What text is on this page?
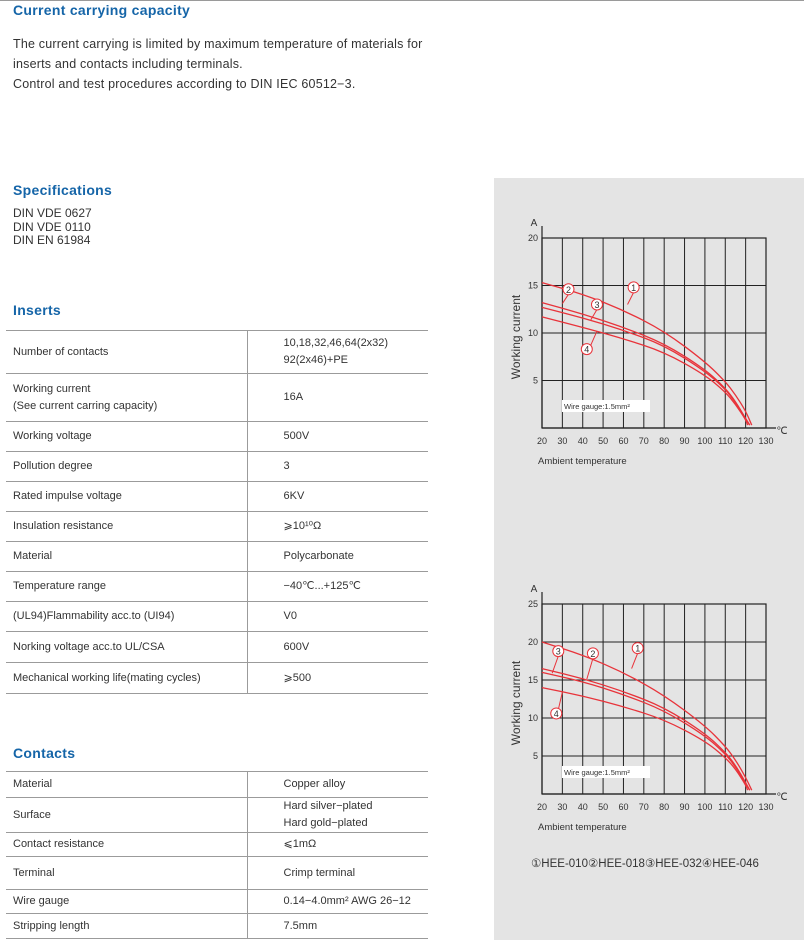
Current carrying capacity
The current carrying is limited by maximum temperature of materials for
inserts and contacts including terminals.
Control and test procedures according to DIN IEC 60512−3.
Specifications
DIN VDE 0627
DIN VDE 0110
DIN EN 61984
Inserts
Number of contacts	10,18,32,46,64(2x32)
92(2x46)+PE

Working current
(See current carring capacity)	16A

Working voltage	500V

Pollution degree	3

Rated impulse voltage	6KV

Insulation resistance	⩾10¹⁰Ω

Material	Polycarbonate

Temperature range	−40℃...+125℃

(UL94)Flammability acc.to (UI94)	V0

Norking voltage acc.to UL/CSA	600V

Mechanical working life(mating cycles)	⩾500
Contacts
Material	Copper alloy

Surface	Hard silver−plated
Hard gold−plated

Contact resistance	⩽1mΩ

Terminal	Crimp terminal

Wire gauge	0.14−4.0mm² AWG 26−12

Stripping length	7.5mm
5
10
15
20
A
℃
20 30 40 50 60 70 80 90 100 110 120 130
Ambient temperature
Working current
Wire gauge:1.5mm²
1
2
3
4
5
10
15
20
25
A
℃
20 30 40 50 60 70 80 90 100 110 120 130
Ambient temperature
Working current
Wire gauge:1.5mm²
1
2
3
4
①HEE-010②HEE-018③HEE-032④HEE-046
